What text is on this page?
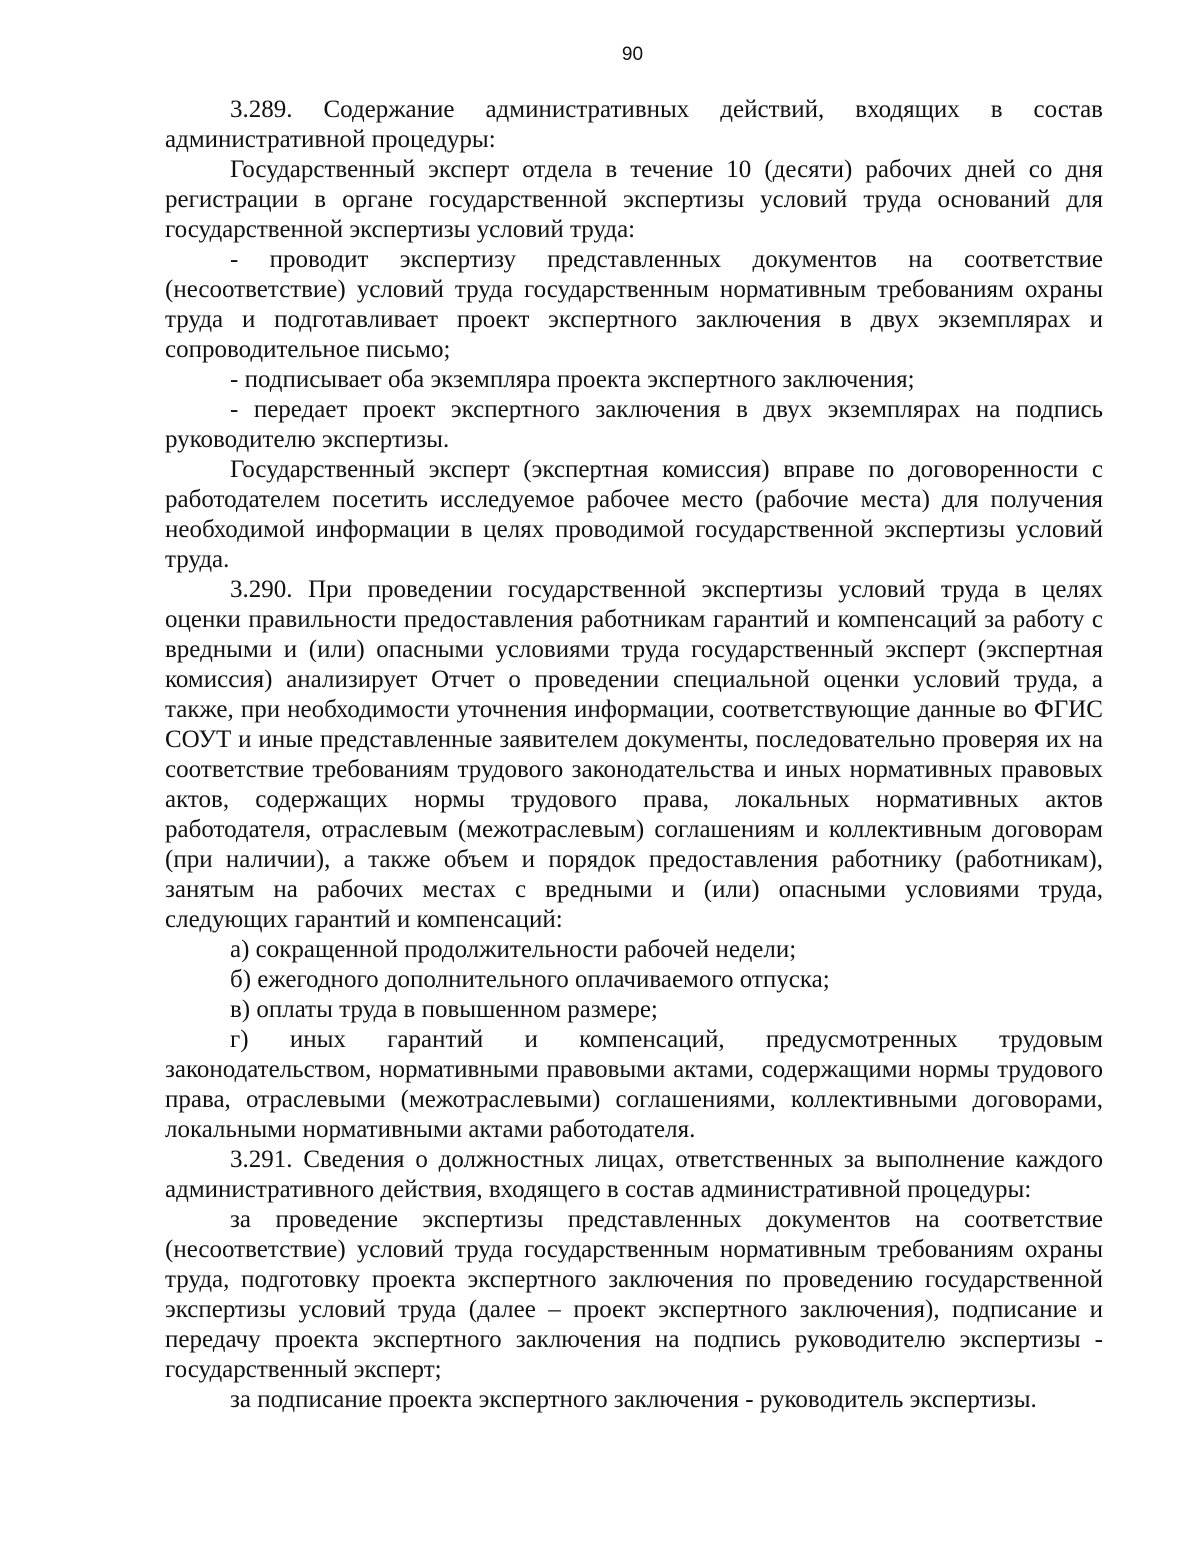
90

3.289. Содержание административных действий, входящих в состав административной процедуры:

Государственный эксперт отдела в течение 10 (десяти) рабочих дней со дня регистрации в органе государственной экспертизы условий труда оснований для государственной экспертизы условий труда:

- проводит экспертизу представленных документов на соответствие (несоответствие) условий труда государственным нормативным требованиям охраны труда и подготавливает проект экспертного заключения в двух экземплярах и сопроводительное письмо;

- подписывает оба экземпляра проекта экспертного заключения;

- передает проект экспертного заключения в двух экземплярах на подпись руководителю экспертизы.

Государственный эксперт (экспертная комиссия) вправе по договоренности с работодателем посетить исследуемое рабочее место (рабочие места) для получения необходимой информации в целях проводимой государственной экспертизы условий труда.

3.290. При проведении государственной экспертизы условий труда в целях оценки правильности предоставления работникам гарантий и компенсаций за работу с вредными и (или) опасными условиями труда государственный эксперт (экспертная комиссия) анализирует Отчет о проведении специальной оценки условий труда, а также, при необходимости уточнения информации, соответствующие данные во ФГИС СОУТ и иные представленные заявителем документы, последовательно проверяя их на соответствие требованиям трудового законодательства и иных нормативных правовых актов, содержащих нормы трудового права, локальных нормативных актов работодателя, отраслевым (межотраслевым) соглашениям и коллективным договорам (при наличии), а также объем и порядок предоставления работнику (работникам), занятым на рабочих местах с вредными и (или) опасными условиями труда, следующих гарантий и компенсаций:

а) сокращенной продолжительности рабочей недели;

б) ежегодного дополнительного оплачиваемого отпуска;

в) оплаты труда в повышенном размере;

г) иных гарантий и компенсаций, предусмотренных трудовым законодательством, нормативными правовыми актами, содержащими нормы трудового права, отраслевыми (межотраслевыми) соглашениями, коллективными договорами, локальными нормативными актами работодателя.

3.291. Сведения о должностных лицах, ответственных за выполнение каждого административного действия, входящего в состав административной процедуры:

за проведение экспертизы представленных документов на соответствие (несоответствие) условий труда государственным нормативным требованиям охраны труда, подготовку проекта экспертного заключения по проведению государственной экспертизы условий труда (далее – проект экспертного заключения), подписание и передачу проекта экспертного заключения на подпись руководителю экспертизы - государственный эксперт;

за подписание проекта экспертного заключения - руководитель экспертизы.
